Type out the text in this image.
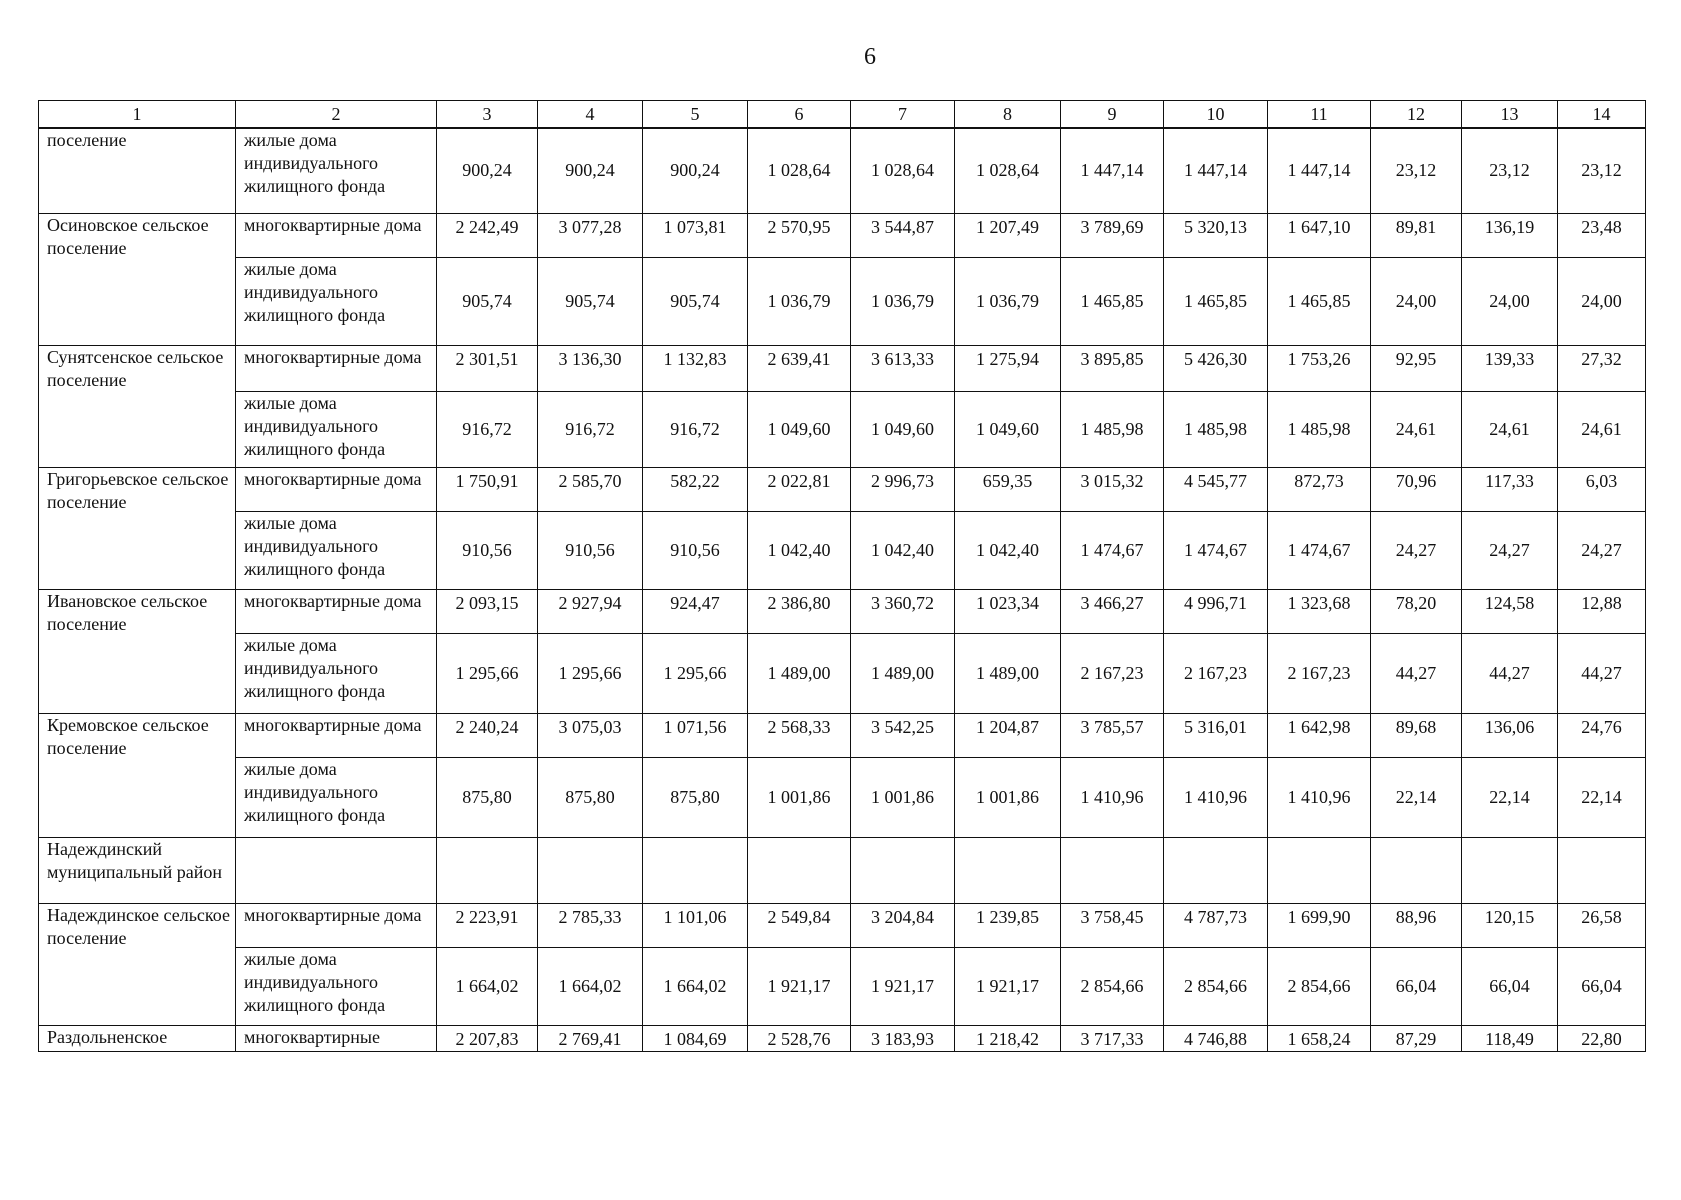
6
1	2	3	4	5	6	7	8	9	10	11	12	13	14
поселение	жилые дома индивидуального жилищного фонда	900,24	900,24	900,24	1 028,64	1 028,64	1 028,64	1 447,14	1 447,14	1 447,14	23,12	23,12	23,12
Осиновское сельское поселение	многоквартирные дома	2 242,49	3 077,28	1 073,81	2 570,95	3 544,87	1 207,49	3 789,69	5 320,13	1 647,10	89,81	136,19	23,48
	жилые дома индивидуального жилищного фонда	905,74	905,74	905,74	1 036,79	1 036,79	1 036,79	1 465,85	1 465,85	1 465,85	24,00	24,00	24,00
Сунятсенское сельское поселение	многоквартирные дома	2 301,51	3 136,30	1 132,83	2 639,41	3 613,33	1 275,94	3 895,85	5 426,30	1 753,26	92,95	139,33	27,32
	жилые дома индивидуального жилищного фонда	916,72	916,72	916,72	1 049,60	1 049,60	1 049,60	1 485,98	1 485,98	1 485,98	24,61	24,61	24,61
Григорьевское сельское поселение	многоквартирные дома	1 750,91	2 585,70	582,22	2 022,81	2 996,73	659,35	3 015,32	4 545,77	872,73	70,96	117,33	6,03
	жилые дома индивидуального жилищного фонда	910,56	910,56	910,56	1 042,40	1 042,40	1 042,40	1 474,67	1 474,67	1 474,67	24,27	24,27	24,27
Ивановское сельское поселение	многоквартирные дома	2 093,15	2 927,94	924,47	2 386,80	3 360,72	1 023,34	3 466,27	4 996,71	1 323,68	78,20	124,58	12,88
	жилые дома индивидуального жилищного фонда	1 295,66	1 295,66	1 295,66	1 489,00	1 489,00	1 489,00	2 167,23	2 167,23	2 167,23	44,27	44,27	44,27
Кремовское сельское поселение	многоквартирные дома	2 240,24	3 075,03	1 071,56	2 568,33	3 542,25	1 204,87	3 785,57	5 316,01	1 642,98	89,68	136,06	24,76
	жилые дома индивидуального жилищного фонда	875,80	875,80	875,80	1 001,86	1 001,86	1 001,86	1 410,96	1 410,96	1 410,96	22,14	22,14	22,14
Надеждинский муниципальный район													
Надеждинское сельское поселение	многоквартирные дома	2 223,91	2 785,33	1 101,06	2 549,84	3 204,84	1 239,85	3 758,45	4 787,73	1 699,90	88,96	120,15	26,58
	жилые дома индивидуального жилищного фонда	1 664,02	1 664,02	1 664,02	1 921,17	1 921,17	1 921,17	2 854,66	2 854,66	2 854,66	66,04	66,04	66,04
Раздольненское	многоквартирные	2 207,83	2 769,41	1 084,69	2 528,76	3 183,93	1 218,42	3 717,33	4 746,88	1 658,24	87,29	118,49	22,80
